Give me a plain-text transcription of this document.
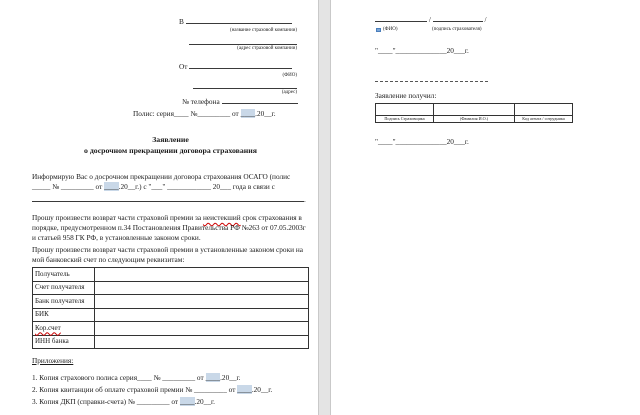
В
(название страховой компании)
(адрес страховой компании)
От
(ФИО)
(адрес)
№ телефона
Полис: серия____ №_________ от ____.20__г.
Заявление
о досрочном прекращении договора страхования
Информирую Вас о досрочном прекращении договора страхования ОСАГО (полис _____ № _________ от ____.20__г.) с "___" ____________ 20___ года в связи с
.
Прошу произвести возврат части страховой премии за неистекший срок страхования в порядке, предусмотренном п.34 Постановления Правительства РФ №263 от 07.05.2003г и статьей 958 ГК РФ, в установленные законом сроки.
Прошу произвести возврат части страховой премии в установленные законом сроки на мой банковский счет по следующим реквизитам:
Получатель
Счет получателя
Банк получателя
БИК
Кор.счет
ИНН банка
Приложения:
1. Копия страхового полиса серия____ № _________ от ____.20__г.
2. Копия квитанции об оплате страховой премии № _________ от ____.20__г.
3. Копия ДКП (справки-счета) № _________ от ____.20__г.
/	/
(ФИО)	(подпись страхователя)
"____"______________20___г.
Заявление получил:
Подпись Страховщика	(Фамилия И.О.)	Код агента / сотрудника
"____"______________20___г.
